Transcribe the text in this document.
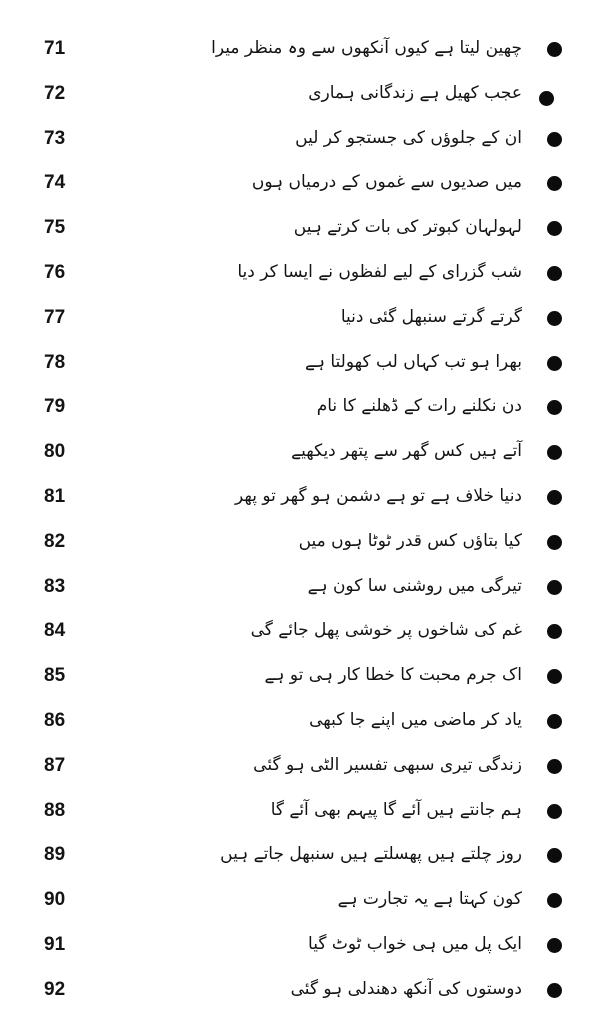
71	چھین لیتا ہے کیوں آنکھوں سے وہ منظر میرا
72	عجب کھیل ہے زندگانی ہماری
73	ان کے جلوؤں کی جستجو کر لیں
74	میں صدیوں سے غموں کے درمیاں ہوں
75	لہولہان کبوتر کی بات کرتے ہیں
76	شب گزرای کے لیے لفظوں نے ایسا کر دیا
77	گرتے گرتے سنبھل گئی دنیا
78	بھرا ہو تب کہاں لب کھولتا ہے
79	دن نکلنے رات کے ڈھلنے کا نام
80	آتے ہیں کس گھر سے پتھر دیکھیے
81	دنیا خلاف ہے تو ہے دشمن ہو گھر تو پھر
82	کیا بتاؤں کس قدر ٹوٹا ہوں میں
83	تیرگی میں روشنی سا کون ہے
84	غم کی شاخوں پر خوشی پھل جائے گی
85	اک جرم محبت کا خطا کار ہی تو ہے
86	یاد کر ماضی میں اپنے جا کبھی
87	زندگی تیری سبھی تفسیر الٹی ہو گئی
88	ہم جانتے ہیں آئے گا پیہم بھی آئے گا
89	روز چلتے ہیں پھسلتے ہیں سنبھل جاتے ہیں
90	کون کہتا ہے یہ تجارت ہے
91	ایک پل میں ہی خواب ٹوٹ گیا
92	دوستوں کی آنکھ دھندلی ہو گئی
